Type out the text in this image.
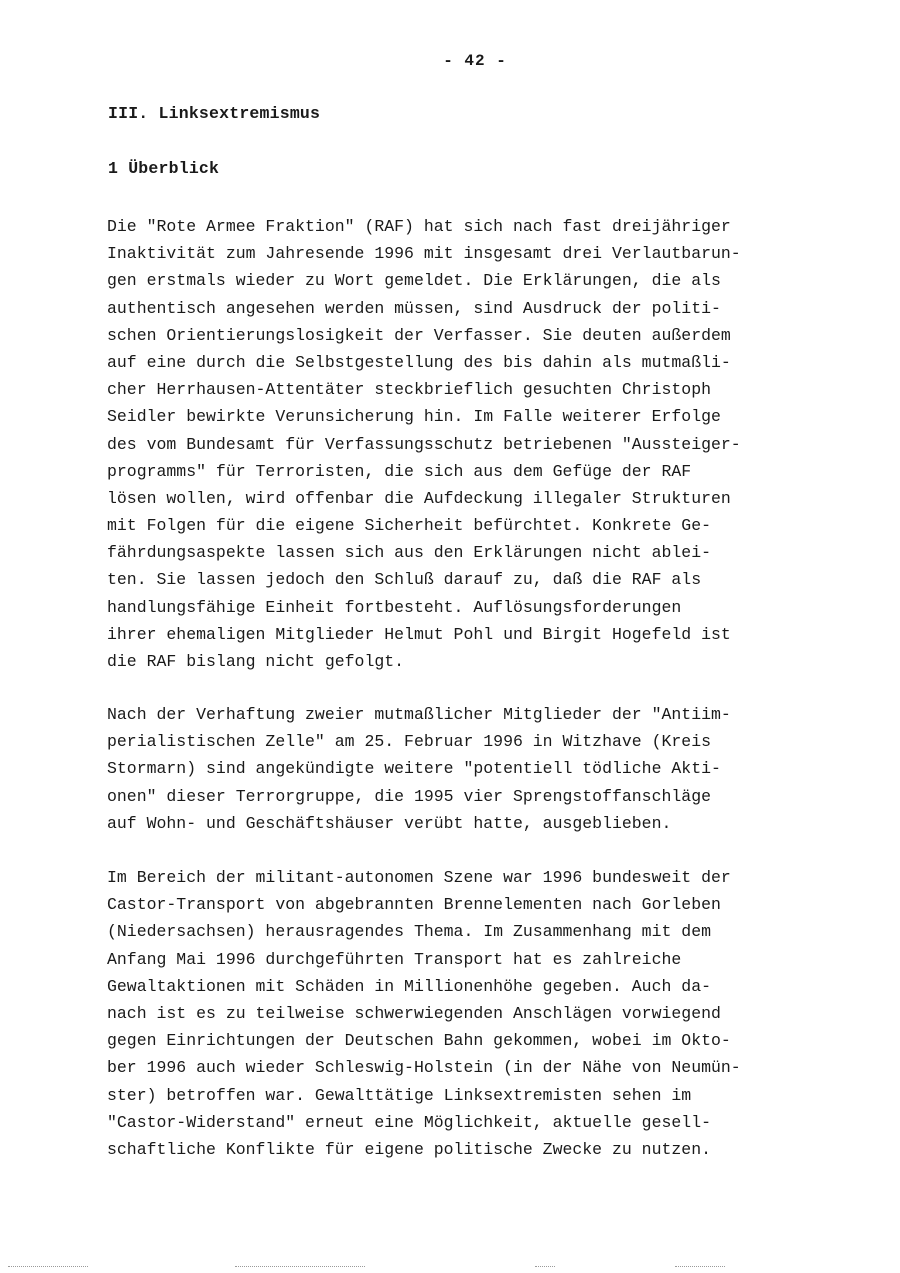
- 42 -
III. Linksextremismus
1 Überblick

Die "Rote Armee Fraktion" (RAF) hat sich nach fast dreijähriger
Inaktivität zum Jahresende 1996 mit insgesamt drei Verlautbarun-
gen erstmals wieder zu Wort gemeldet. Die Erklärungen, die als
authentisch angesehen werden müssen, sind Ausdruck der politi-
schen Orientierungslosigkeit der Verfasser. Sie deuten außerdem
auf eine durch die Selbstgestellung des bis dahin als mutmaßli-
cher Herrhausen-Attentäter steckbrieflich gesuchten Christoph
Seidler bewirkte Verunsicherung hin. Im Falle weiterer Erfolge
des vom Bundesamt für Verfassungsschutz betriebenen "Aussteiger-
programms" für Terroristen, die sich aus dem Gefüge der RAF
lösen wollen, wird offenbar die Aufdeckung illegaler Strukturen
mit Folgen für die eigene Sicherheit befürchtet. Konkrete Ge-
fährdungsaspekte lassen sich aus den Erklärungen nicht ablei-
ten. Sie lassen jedoch den Schluß darauf zu, daß die RAF als
handlungsfähige Einheit fortbesteht. Auflösungsforderungen
ihrer ehemaligen Mitglieder Helmut Pohl und Birgit Hogefeld ist
die RAF bislang nicht gefolgt.

Nach der Verhaftung zweier mutmaßlicher Mitglieder der "Antiim-
perialistischen Zelle" am 25. Februar 1996 in Witzhave (Kreis
Stormarn) sind angekündigte weitere "potentiell tödliche Akti-
onen" dieser Terrorgruppe, die 1995 vier Sprengstoffanschläge
auf Wohn- und Geschäftshäuser verübt hatte, ausgeblieben.

Im Bereich der militant-autonomen Szene war 1996 bundesweit der
Castor-Transport von abgebrannten Brennelementen nach Gorleben
(Niedersachsen) herausragendes Thema. Im Zusammenhang mit dem
Anfang Mai 1996 durchgeführten Transport hat es zahlreiche
Gewaltaktionen mit Schäden in Millionenhöhe gegeben. Auch da-
nach ist es zu teilweise schwerwiegenden Anschlägen vorwiegend
gegen Einrichtungen der Deutschen Bahn gekommen, wobei im Okto-
ber 1996 auch wieder Schleswig-Holstein (in der Nähe von Neumün-
ster) betroffen war. Gewalttätige Linksextremisten sehen im
"Castor-Widerstand" erneut eine Möglichkeit, aktuelle gesell-
schaftliche Konflikte für eigene politische Zwecke zu nutzen.
